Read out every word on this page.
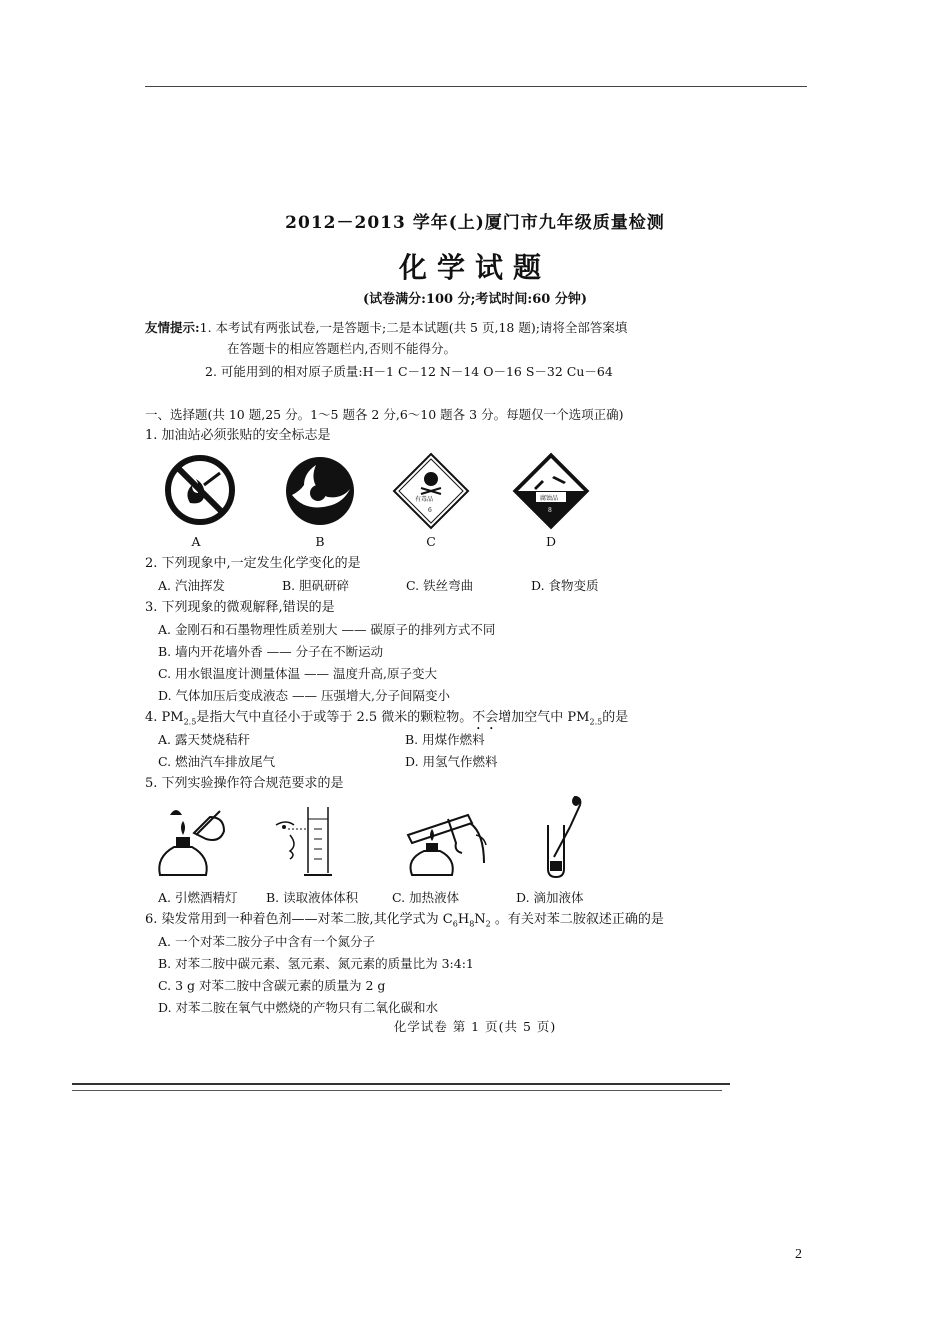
2012－2013 学年(上)厦门市九年级质量检测
化学试题
(试卷满分:100 分;考试时间:60 分钟)
友情提示:1. 本考试有两张试卷,一是答题卡;二是本试题(共 5 页,18 题);请将全部答案填
在答题卡的相应答题栏内,否则不能得分。
2. 可能用到的相对原子质量:H－1 C－12 N－14 O－16 S－32 Cu－64
一、选择题(共 10 题,25 分。1～5 题各 2 分,6～10 题各 3 分。每题仅一个选项正确)
1. 加油站必须张贴的安全标志是
有毒品
6
腐蚀品
8
A	B	C	D
2. 下列现象中,一定发生化学变化的是
A. 汽油挥发	B. 胆矾研碎	C. 铁丝弯曲	D. 食物变质
3. 下列现象的微观解释,错误的是
A. 金刚石和石墨物理性质差别大 —— 碳原子的排列方式不同
B. 墙内开花墙外香 —— 分子在不断运动
C. 用水银温度计测量体温 —— 温度升高,原子变大
D. 气体加压后变成液态 —— 压强增大,分子间隔变小
4. $PM_{2.5}$是指大气中直径小于或等于 2.5 微米的颗粒物。不会增加空气中 $PM_{2.5}$的是
A. 露天焚烧秸秆	B. 用煤作燃料
C. 燃油汽车排放尾气	D. 用氢气作燃料
5. 下列实验操作符合规范要求的是
A. 引燃酒精灯 B. 读取液体体积	C. 加热液体	D. 滴加液体
6. 染发常用到一种着色剂——对苯二胺,其化学式为 $C_6H_8N_2$ 。有关对苯二胺叙述正确的是
A. 一个对苯二胺分子中含有一个氮分子
B. 对苯二胺中碳元素、氢元素、氮元素的质量比为 3:4:1
C. 3 g 对苯二胺中含碳元素的质量为 2 g
D. 对苯二胺在氧气中燃烧的产物只有二氧化碳和水
化学试卷 第 1 页(共 5 页)
2
